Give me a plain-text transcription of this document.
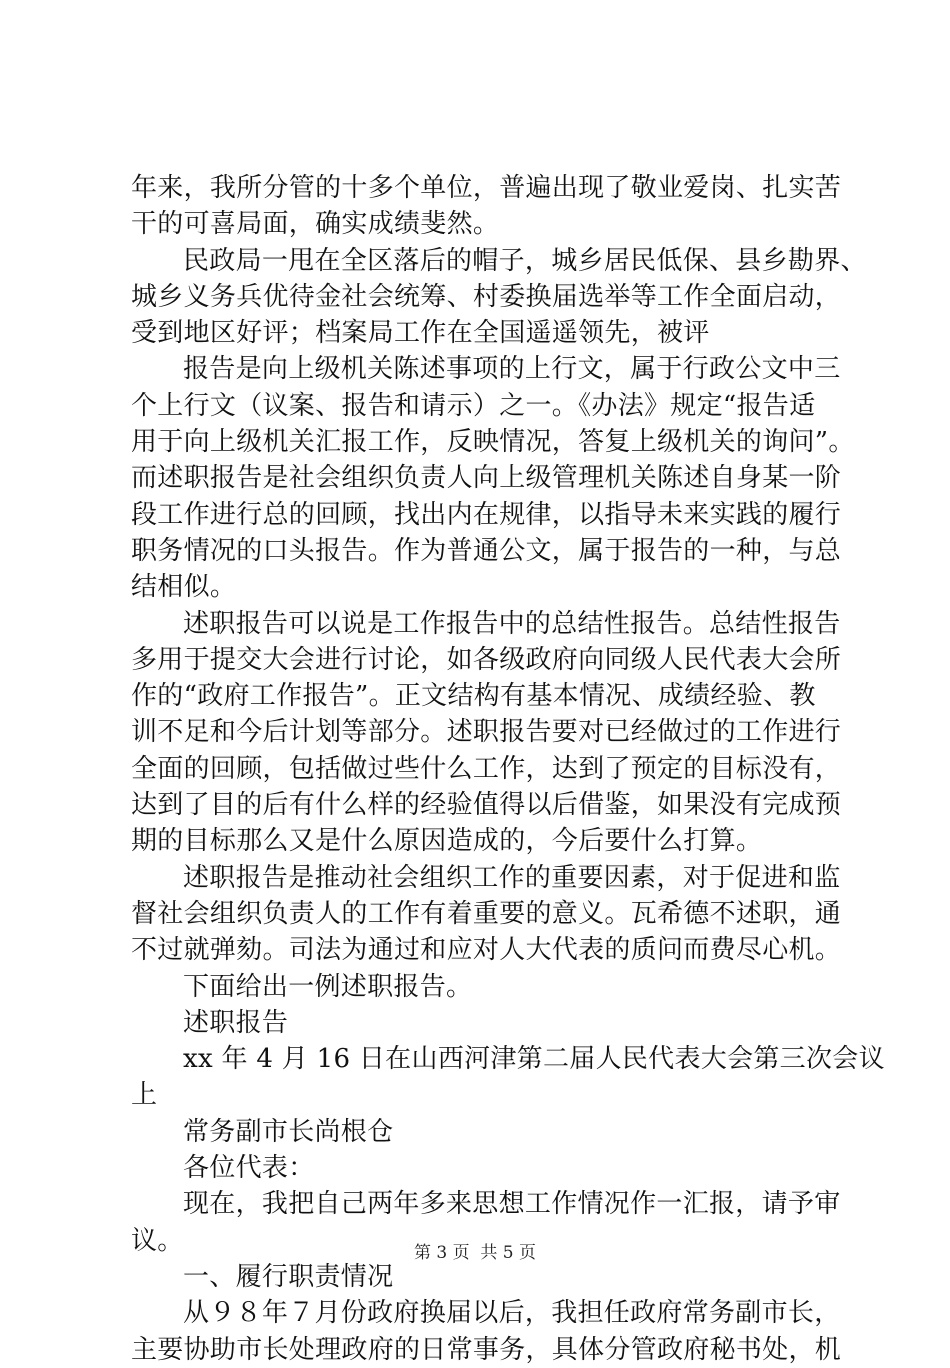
年来，我所分管的十多个单位，普遍出现了敬业爱岗、扎实苦
干的可喜局面，确实成绩斐然。
民政局一甩在全区落后的帽子，城乡居民低保、县乡勘界、
城乡义务兵优待金社会统筹、村委换届选举等工作全面启动，
受到地区好评；档案局工作在全国遥遥领先，被评
报告是向上级机关陈述事项的上行文，属于行政公文中三
个上行文（议案、报告和请示）之一。《办法》规定“报告适
用于向上级机关汇报工作，反映情况，答复上级机关的询问”。
而述职报告是社会组织负责人向上级管理机关陈述自身某一阶
段工作进行总的回顾，找出内在规律，以指导未来实践的履行
职务情况的口头报告。作为普通公文，属于报告的一种，与总
结相似。
述职报告可以说是工作报告中的总结性报告。总结性报告
多用于提交大会进行讨论，如各级政府向同级人民代表大会所
作的“政府工作报告”。正文结构有基本情况、成绩经验、教
训不足和今后计划等部分。述职报告要对已经做过的工作进行
全面的回顾，包括做过些什么工作，达到了预定的目标没有，
达到了目的后有什么样的经验值得以后借鉴，如果没有完成预
期的目标那么又是什么原因造成的，今后要什么打算。
述职报告是推动社会组织工作的重要因素，对于促进和监
督社会组织负责人的工作有着重要的意义。瓦希德不述职，通
不过就弹劾。司法为通过和应对人大代表的质问而费尽心机。
下面给出一例述职报告。
述职报告
xx 年 4 月 16 日在山西河津第二届人民代表大会第三次会议
上
常务副市长尚根仓
各位代表：
现在，我把自己两年多来思想工作情况作一汇报，请予审
议。
一、履行职责情况
从９８年７月份政府换届以后，我担任政府常务副市长，
主要协助市长处理政府的日常事务，具体分管政府秘书处，机
第 3 页  共 5 页
